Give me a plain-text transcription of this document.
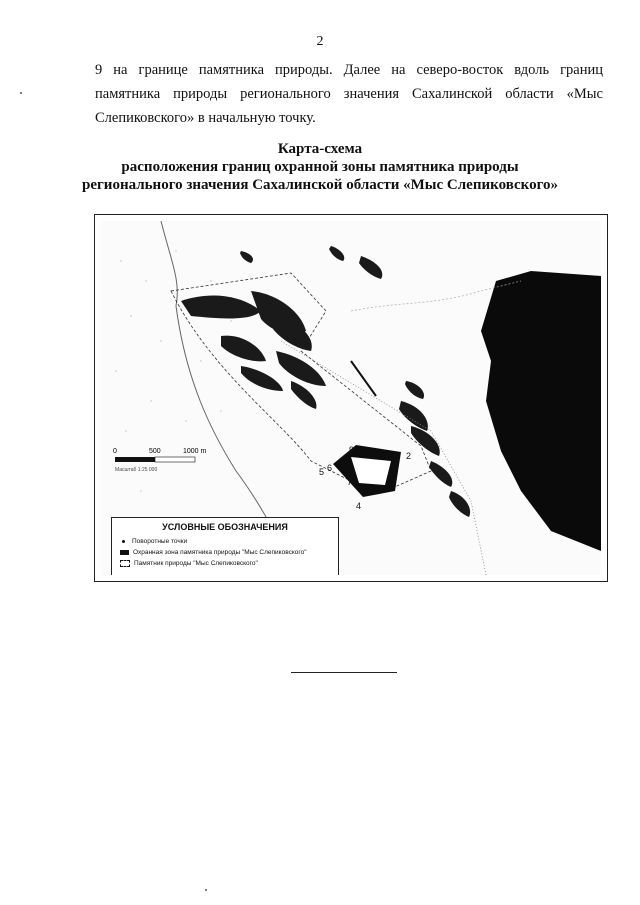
2

9 на границе памятника природы. Далее на северо-восток вдоль границ памятника природы регионального значения Сахалинской области «Мыс Слепиковского» в начальную точку.

Карта-схема
расположения границ охранной зоны памятника природы
регионального значения Сахалинской области «Мыс Слепиковского»
0	500	1000 m
Масштаб 1:25 000
2
5 6
7
8
9
4
УСЛОВНЫЕ ОБОЗНАЧЕНИЯ
Поворотные точки
Охранная зона памятника природы "Мыс Слепиковского"
Памятник природы "Мыс Слепиковского"
